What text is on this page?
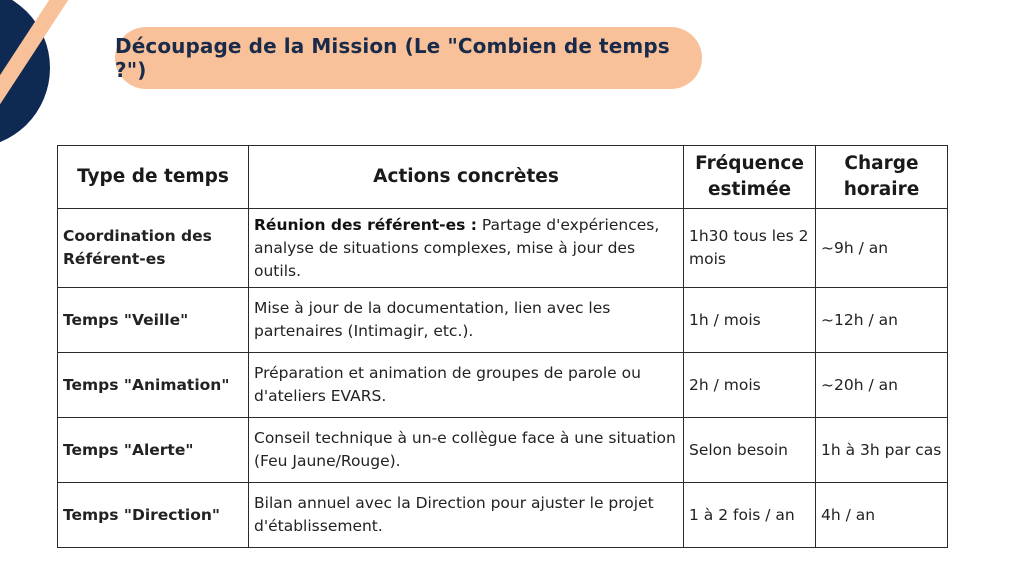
Découpage de la Mission (Le "Combien de temps ?")
Type de temps	Actions concrètes	Fréquence estimée	Charge horaire
Coordination des Référent-es	Réunion des référent-es : Partage d'expériences, analyse de situations complexes, mise à jour des outils.	1h30 tous les 2 mois	~9h / an
Temps "Veille"	Mise à jour de la documentation, lien avec les partenaires (Intimagir, etc.).	1h / mois	~12h / an
Temps "Animation"	Préparation et animation de groupes de parole ou d'ateliers EVARS.	2h / mois	~20h / an
Temps "Alerte"	Conseil technique à un-e collègue face à une situation (Feu Jaune/Rouge).	Selon besoin	1h à 3h par cas
Temps "Direction"	Bilan annuel avec la Direction pour ajuster le projet d'établissement.	1 à 2 fois / an	4h / an
